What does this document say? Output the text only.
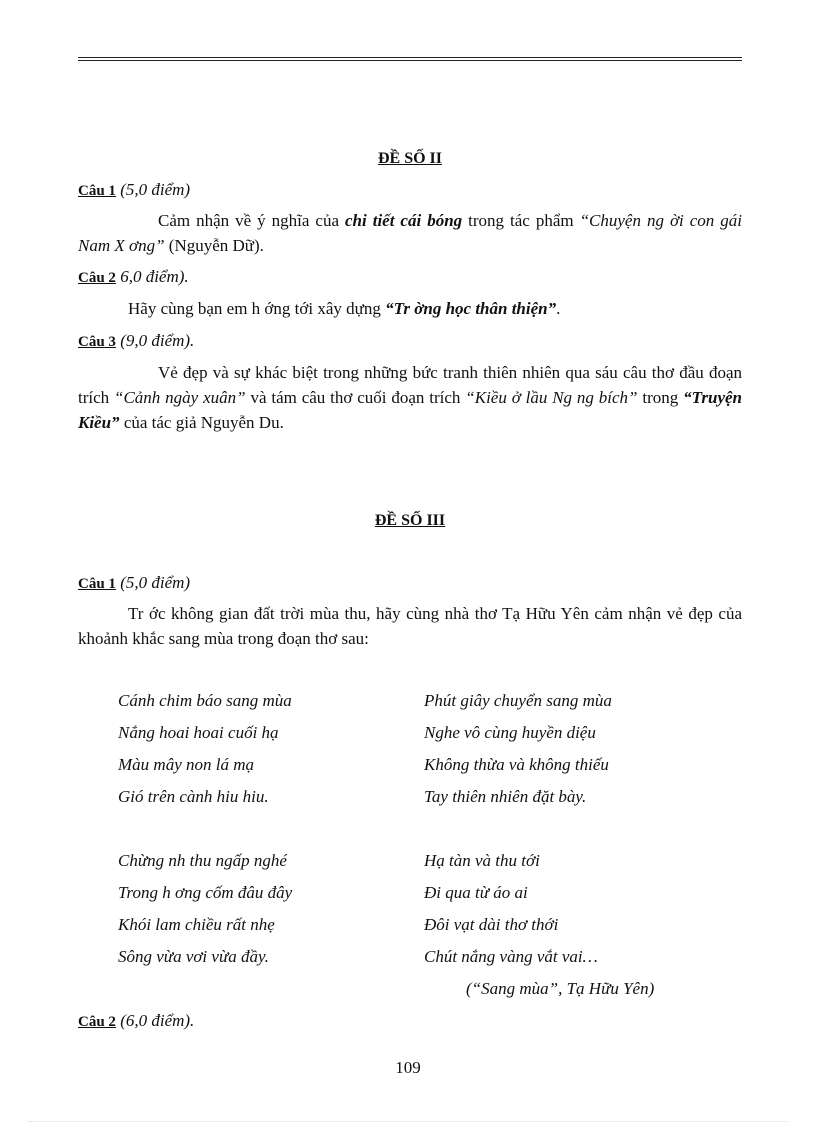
ĐỀ SỐ II
Câu 1 (5,0 điểm)
Cảm nhận về ý nghĩa của chi tiết cái bóng trong tác phẩm “Chuyện ng ời con gái Nam X ơng” (Nguyễn Dữ).
Câu 2 6,0 điểm).
Hãy cùng bạn em h ớng tới xây dựng “Tr ờng học thân thiện”.
Câu 3 (9,0 điểm).
Vẻ đẹp và sự khác biệt trong những bức tranh thiên nhiên qua sáu câu thơ đầu đoạn trích “Cảnh ngày xuân” và tám câu thơ cuối đoạn trích “Kiều ở lầu Ng ng bích” trong “Truyện Kiều” của tác giả Nguyễn Du.
ĐỀ SỐ III
Câu 1 (5,0 điểm)
Tr ớc không gian đất trời mùa thu, hãy cùng nhà thơ Tạ Hữu Yên cảm nhận vẻ đẹp của khoảnh khắc sang mùa trong đoạn thơ sau:
Cánh chim báo sang mùa
Nắng hoai hoai cuối hạ
Màu mây non lá mạ
Gió trên cành hiu hiu.
Phút giây chuyển sang mùa
Nghe vô cùng huyền diệu
Không thừa và không thiếu
Tay thiên nhiên đặt bày.
Chừng nh thu ngấp nghé
Trong h ơng cốm đâu đây
Khói lam chiều rất nhẹ
Sông vừa vơi vừa đầy.
Hạ tàn và thu tới
Đi qua từ áo ai
Đôi vạt dài thơ thới
Chút nắng vàng vắt vai…
(“Sang mùa”, Tạ Hữu Yên)
Câu 2 (6,0 điểm).
109
